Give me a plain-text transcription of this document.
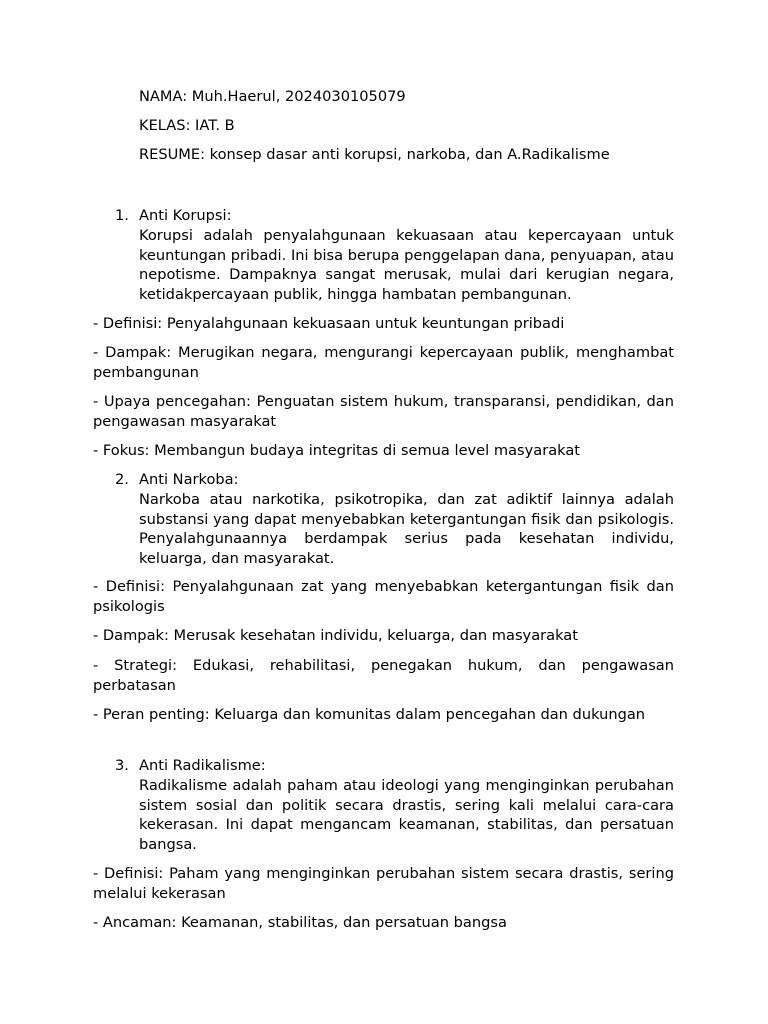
NAMA: Muh.Haerul, 2024030105079
KELAS: IAT. B
RESUME: konsep dasar anti korupsi, narkoba, dan A.Radikalisme
1. Anti Korupsi:
Korupsi adalah penyalahgunaan kekuasaan atau kepercayaan untuk keuntungan pribadi. Ini bisa berupa penggelapan dana, penyuapan, atau nepotisme. Dampaknya sangat merusak, mulai dari kerugian negara, ketidakpercayaan publik, hingga hambatan pembangunan.
- Definisi: Penyalahgunaan kekuasaan untuk keuntungan pribadi
- Dampak: Merugikan negara, mengurangi kepercayaan publik, menghambat pembangunan
- Upaya pencegahan: Penguatan sistem hukum, transparansi, pendidikan, dan pengawasan masyarakat
- Fokus: Membangun budaya integritas di semua level masyarakat
2. Anti Narkoba:
Narkoba atau narkotika, psikotropika, dan zat adiktif lainnya adalah substansi yang dapat menyebabkan ketergantungan fisik dan psikologis. Penyalahgunaannya berdampak serius pada kesehatan individu, keluarga, dan masyarakat.
- Definisi: Penyalahgunaan zat yang menyebabkan ketergantungan fisik dan psikologis
- Dampak: Merusak kesehatan individu, keluarga, dan masyarakat
- Strategi: Edukasi, rehabilitasi, penegakan hukum, dan pengawasan perbatasan
- Peran penting: Keluarga dan komunitas dalam pencegahan dan dukungan
3. Anti Radikalisme:
Radikalisme adalah paham atau ideologi yang menginginkan perubahan sistem sosial dan politik secara drastis, sering kali melalui cara-cara kekerasan. Ini dapat mengancam keamanan, stabilitas, dan persatuan bangsa.
- Definisi: Paham yang menginginkan perubahan sistem secara drastis, sering melalui kekerasan
- Ancaman: Keamanan, stabilitas, dan persatuan bangsa
